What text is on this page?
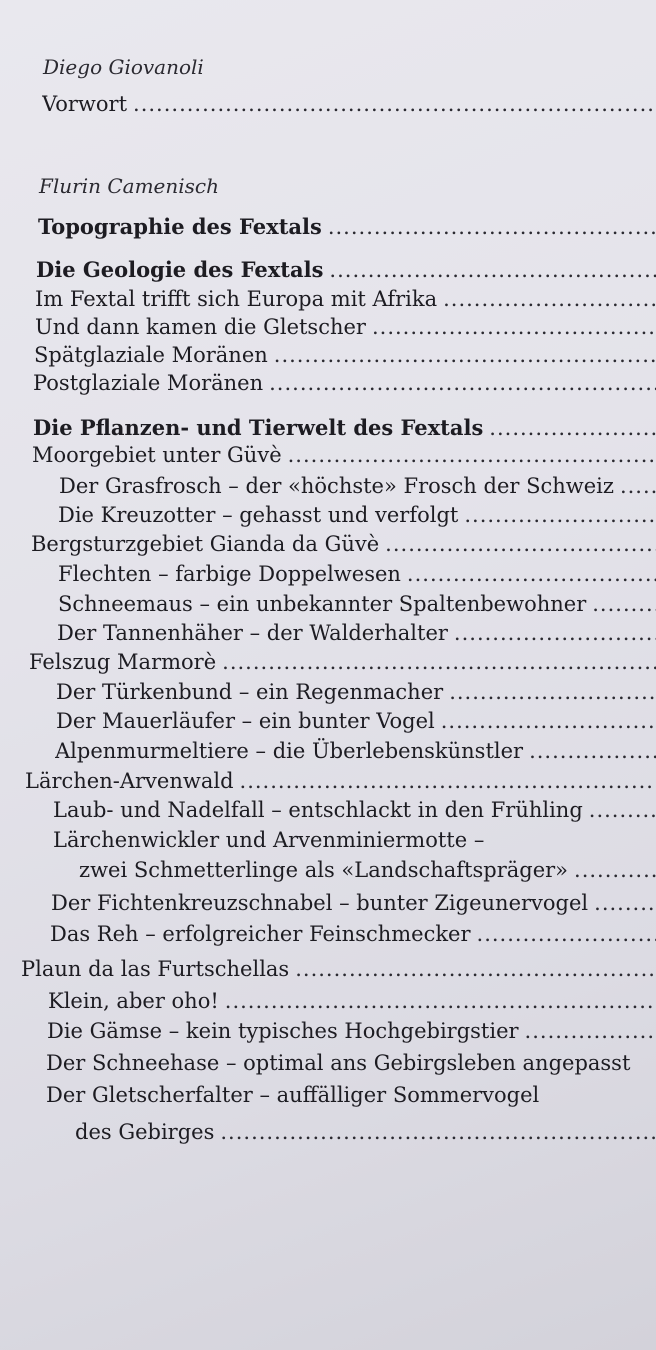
Diego Giovanoli
Vorwort
.....
Flurin Camenisch
Topographie des Fextals
.....
Die Geologie des Fextals
.....
Im Fextal trifft sich Europa mit Afrika
.....
Und dann kamen die Gletscher
.....
Spätglaziale Moränen
.....
Postglaziale Moränen
.....
Die Pflanzen- und Tierwelt des Fextals
.....
Moorgebiet unter Güvè
.....
Der Grasfrosch – der «höchste» Frosch der Schweiz
.....
Die Kreuzotter – gehasst und verfolgt
.....
Bergsturzgebiet Gianda da Güvè
.....
Flechten – farbige Doppelwesen
.....
Schneemaus – ein unbekannter Spaltenbewohner
.....
Der Tannenhäher – der Walderhalter
.....
Felszug Marmorè
.....
Der Türkenbund – ein Regenmacher
.....
Der Mauerläufer – ein bunter Vogel
.....
Alpenmurmeltiere – die Überlebenskünstler
.....
Lärchen-Arvenwald
.....
Laub- und Nadelfall – entschlackt in den Frühling
.....
Lärchenwickler und Arvenminiermotte –
zwei Schmetterlinge als «Landschaftspräger»
.....
Der Fichtenkreuzschnabel – bunter Zigeunervogel
.....
Das Reh – erfolgreicher Feinschmecker
.....
Plaun da las Furtschellas
.....
Klein, aber oho!
.....
Die Gämse – kein typisches Hochgebirgstier
.....
Der Schneehase – optimal ans Gebirgsleben angepasst
Der Gletscherfalter – auffälliger Sommervogel
des Gebirges
.....
